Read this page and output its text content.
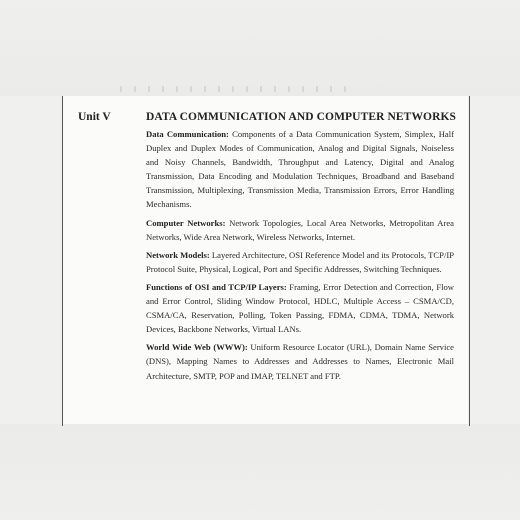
Unit V	DATA COMMUNICATION AND COMPUTER NETWORKS

Data Communication: Components of a Data Communication System, Simplex, Half Duplex and Duplex Modes of Communication, Analog and Digital Signals, Noiseless and Noisy Channels, Bandwidth, Throughput and Latency, Digital and Analog Transmission, Data Encoding and Modulation Techniques, Broadband and Baseband Transmission, Multiplexing, Transmission Media, Transmission Errors, Error Handling Mechanisms.

Computer Networks: Network Topologies, Local Area Networks, Metropolitan Area Networks, Wide Area Network, Wireless Networks, Internet.

Network Models: Layered Architecture, OSI Reference Model and its Protocols, TCP/IP Protocol Suite, Physical, Logical, Port and Specific Addresses, Switching Techniques.

Functions of OSI and TCP/IP Layers: Framing, Error Detection and Correction, Flow and Error Control, Sliding Window Protocol, HDLC, Multiple Access – CSMA/CD, CSMA/CA, Reservation, Polling, Token Passing, FDMA, CDMA, TDMA, Network Devices, Backbone Networks, Virtual LANs.

World Wide Web (WWW): Uniform Resource Locator (URL), Domain Name Service (DNS), Mapping Names to Addresses and Addresses to Names, Electronic Mail Architecture, SMTP, POP and IMAP, TELNET and FTP.
